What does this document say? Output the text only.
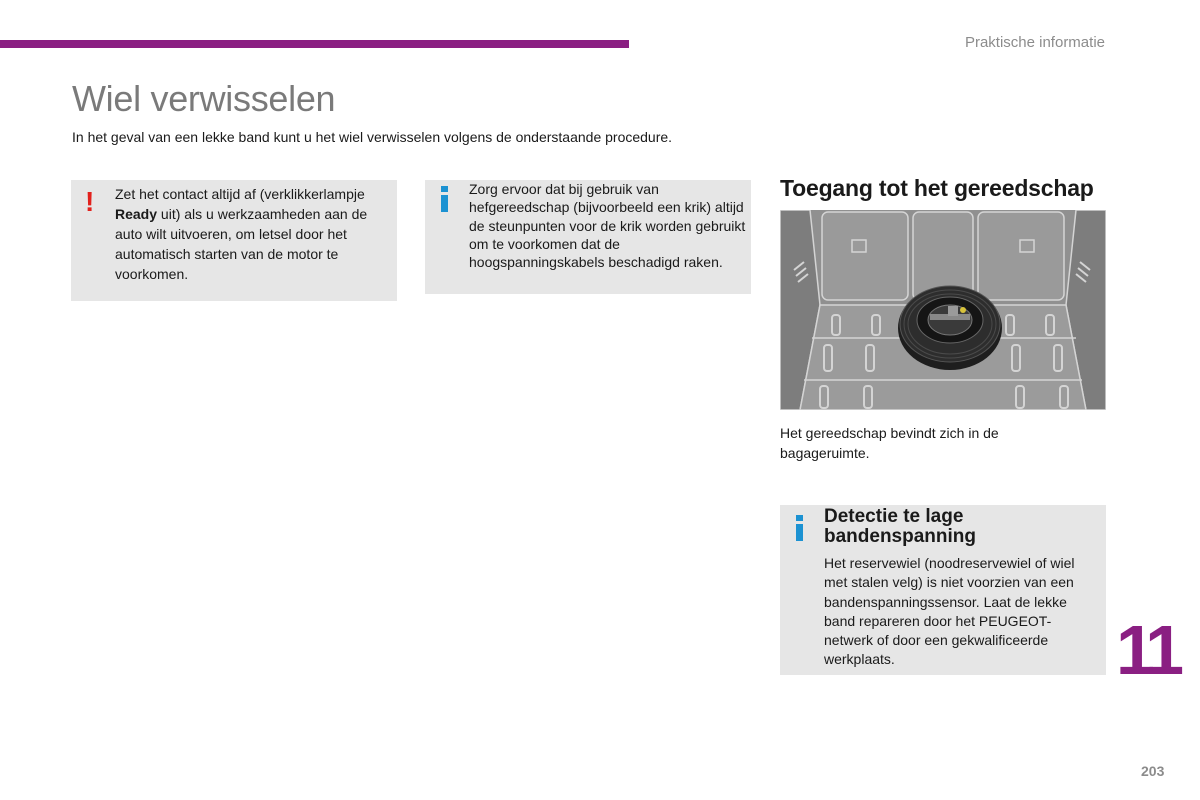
Praktische informatie
Wiel verwisselen
In het geval van een lekke band kunt u het wiel verwisselen volgens de onderstaande procedure.
! Zet het contact altijd af (verklikkerlampje
Ready uit) als u werkzaamheden aan de auto wilt uitvoeren, om letsel door het automatisch starten van de motor te voorkomen.
Zorg ervoor dat bij gebruik van hefgereedschap (bijvoorbeeld een krik) altijd de steunpunten voor de krik worden gebruikt om te voorkomen dat de hoogspanningskabels beschadigd raken.
Toegang tot het gereedschap
Het gereedschap bevindt zich in de bagageruimte.
Detectie te lage bandenspanning
Het reservewiel (noodreservewiel of wiel met stalen velg) is niet voorzien van een bandenspanningssensor. Laat de lekke band repareren door het PEUGEOT-netwerk of door een gekwalificeerde werkplaats.	11
203
